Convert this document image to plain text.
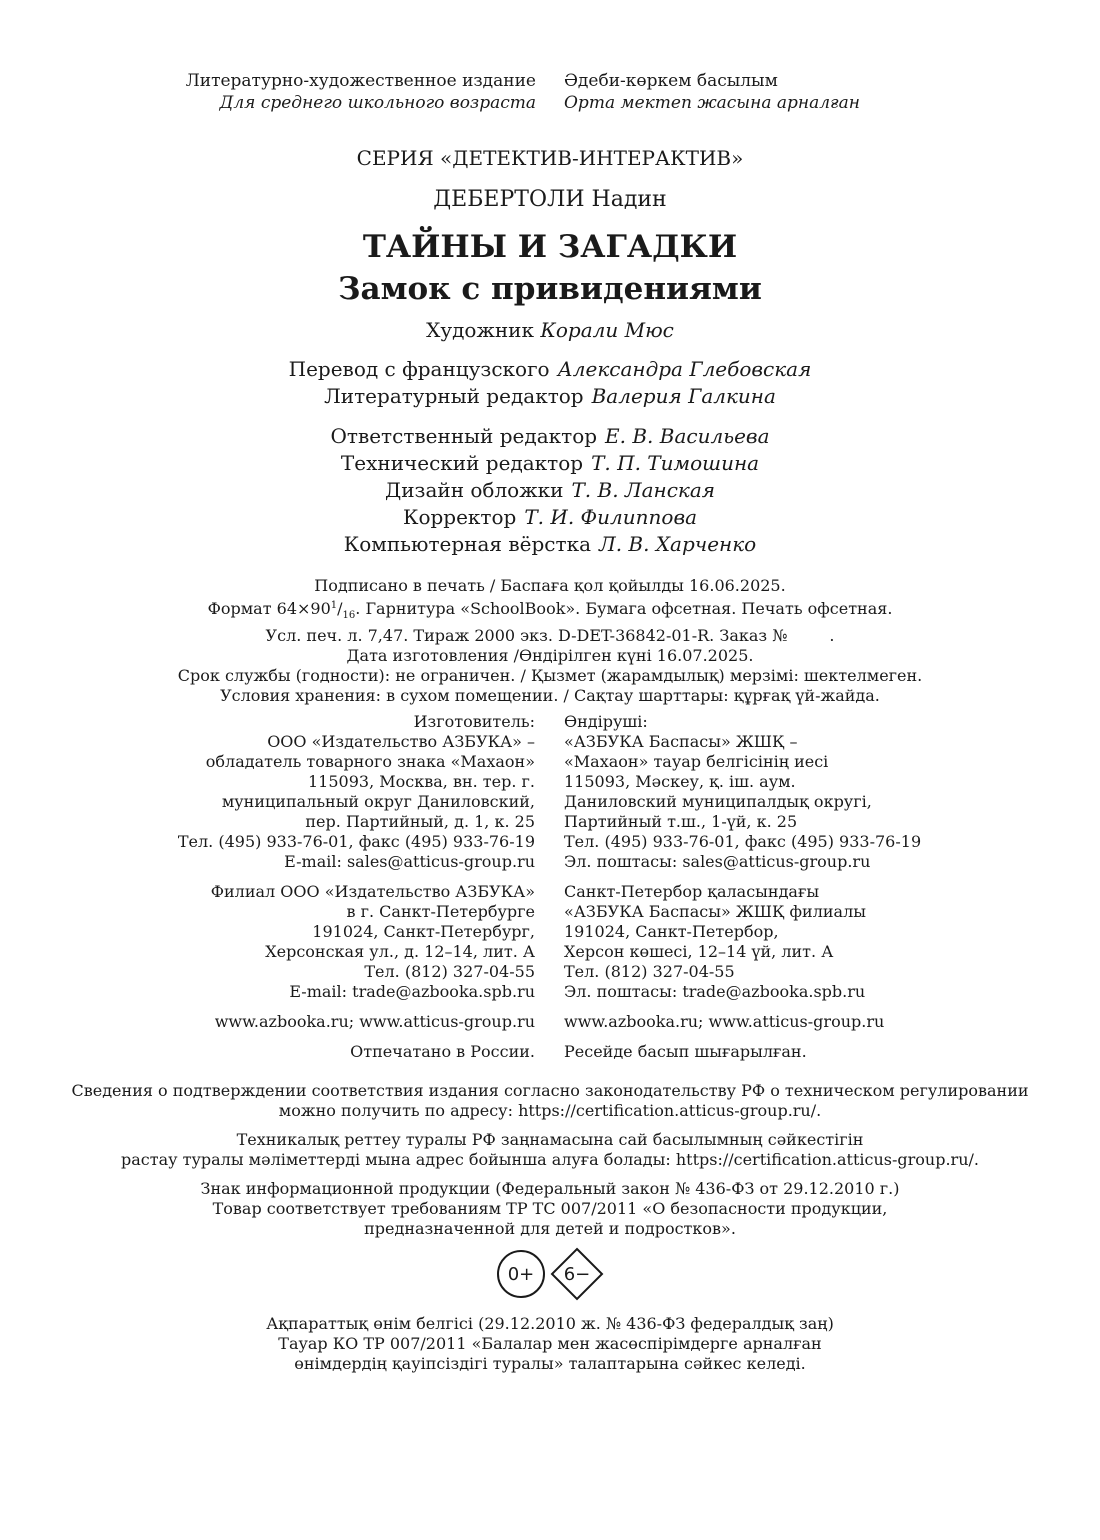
Литературно-художественное издание
Для среднего школьного возраста
Әдеби-көркем басылым
Орта мектеп жасына арналған
СЕРИЯ «ДЕТЕКТИВ-ИНТЕРАКТИВ»
ДЕБЕРТОЛИ Надин
ТАЙНЫ И ЗАГАДКИ
Замок с привидениями
Художник Корали Мюс
Перевод с французского Александра Глебовская
Литературный редактор Валерия Галкина
Ответственный редактор Е. В. Васильева
Технический редактор Т. П. Тимошина
Дизайн обложки Т. В. Ланская
Корректор Т. И. Филиппова
Компьютерная вёрстка Л. В. Харченко
Подписано в печать / Баспаға қол қойылды 16.06.2025.
Формат $64\times 90^1/_{16}$. Гарнитура «SchoolBook». Бумага офсетная. Печать офсетная.
Усл. печ. л. 7,47. Тираж 2000 экз. D-DET-36842-01-R. Заказ №	.
Дата изготовления /Өндірілген күні 16.07.2025.
Срок службы (годности): не ограничен. / Қызмет (жарамдылық) мерзімі: шектелмеген.
Условия хранения: в сухом помещении. / Сақтау шарттары: құрғақ үй-жайда.
Изготовитель:
ООО «Издательство АЗБУКА» –
обладатель товарного знака «Махаон»
115093, Москва, вн. тер. г.
муниципальный округ Даниловский,
пер. Партийный, д. 1, к. 25
Тел. (495) 933-76-01, факс (495) 933-76-19
E-mail: sales@atticus-group.ru
Өндіруші:
«АЗБУКА Баспасы» ЖШҚ –
«Махаон» тауар белгісінің иесі
115093, Мәскеу, қ. іш. аум.
Даниловский муниципалдық округі,
Партийный т.ш., 1-үй, к. 25
Тел. (495) 933-76-01, факс (495) 933-76-19
Эл. поштасы: sales@atticus-group.ru
Филиал ООО «Издательство АЗБУКА»
в г. Санкт-Петербурге
191024, Санкт-Петербург,
Херсонская ул., д. 12–14, лит. А
Тел. (812) 327-04-55
E-mail: trade@azbooka.spb.ru
Санкт-Петербор қаласындағы
«АЗБУКА Баспасы» ЖШҚ филиалы
191024, Санкт-Петербор,
Херсон көшесі, 12–14 үй, лит. А
Тел. (812) 327-04-55
Эл. поштасы: trade@azbooka.spb.ru
www.azbooka.ru; www.atticus-group.ru www.azbooka.ru; www.atticus-group.ru
Отпечатано в России. Ресейде басып шығарылған.
Сведения о подтверждении соответствия издания согласно законодательству РФ о техническом регулировании
можно получить по адресу: https://certification.atticus-group.ru/.
Техникалық реттеу туралы РФ заңнамасына сай басылымның сәйкестігін
растау туралы мәліметтерді мына адрес бойынша алуға болады: https://certification.atticus-group.ru/.
Знак информационной продукции (Федеральный закон № 436-ФЗ от 29.12.2010 г.)
Товар соответствует требованиям ТР ТС 007/2011 «О безопасности продукции,
предназначенной для детей и подростков».
0+	6−
Ақпараттық өнім белгісі (29.12.2010 ж. № 436-ФЗ федералдық заң)
Тауар КО ТР 007/2011 «Балалар мен жасөспірімдерге арналған
өнімдердің қауіпсіздігі туралы» талаптарына сәйкес келеді.
